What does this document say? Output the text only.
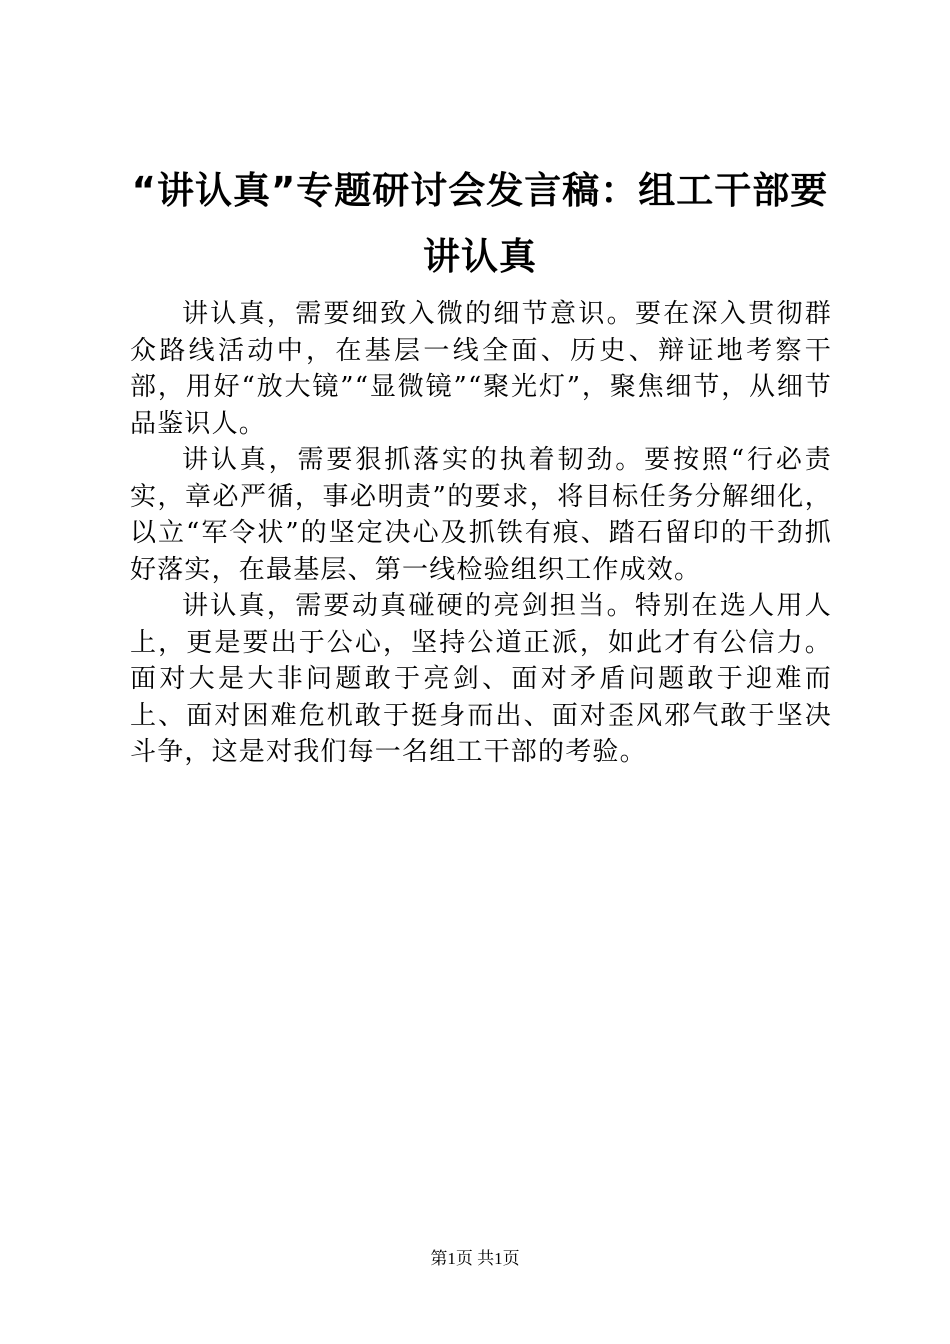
“讲认真”专题研讨会发言稿：组工干部要讲认真

讲认真，需要细致入微的细节意识。要在深入贯彻群众路线活动中，在基层一线全面、历史、辩证地考察干部，用好“放大镜”“显微镜”“聚光灯”，聚焦细节，从细节品鉴识人。

讲认真，需要狠抓落实的执着韧劲。要按照“行必责实，章必严循，事必明责”的要求，将目标任务分解细化，以立“军令状”的坚定决心及抓铁有痕、踏石留印的干劲抓好落实，在最基层、第一线检验组织工作成效。

讲认真，需要动真碰硬的亮剑担当。特别在选人用人上，更是要出于公心，坚持公道正派，如此才有公信力。面对大是大非问题敢于亮剑、面对矛盾问题敢于迎难而上、面对困难危机敢于挺身而出、面对歪风邪气敢于坚决斗争，这是对我们每一名组工干部的考验。

第1页 共1页
